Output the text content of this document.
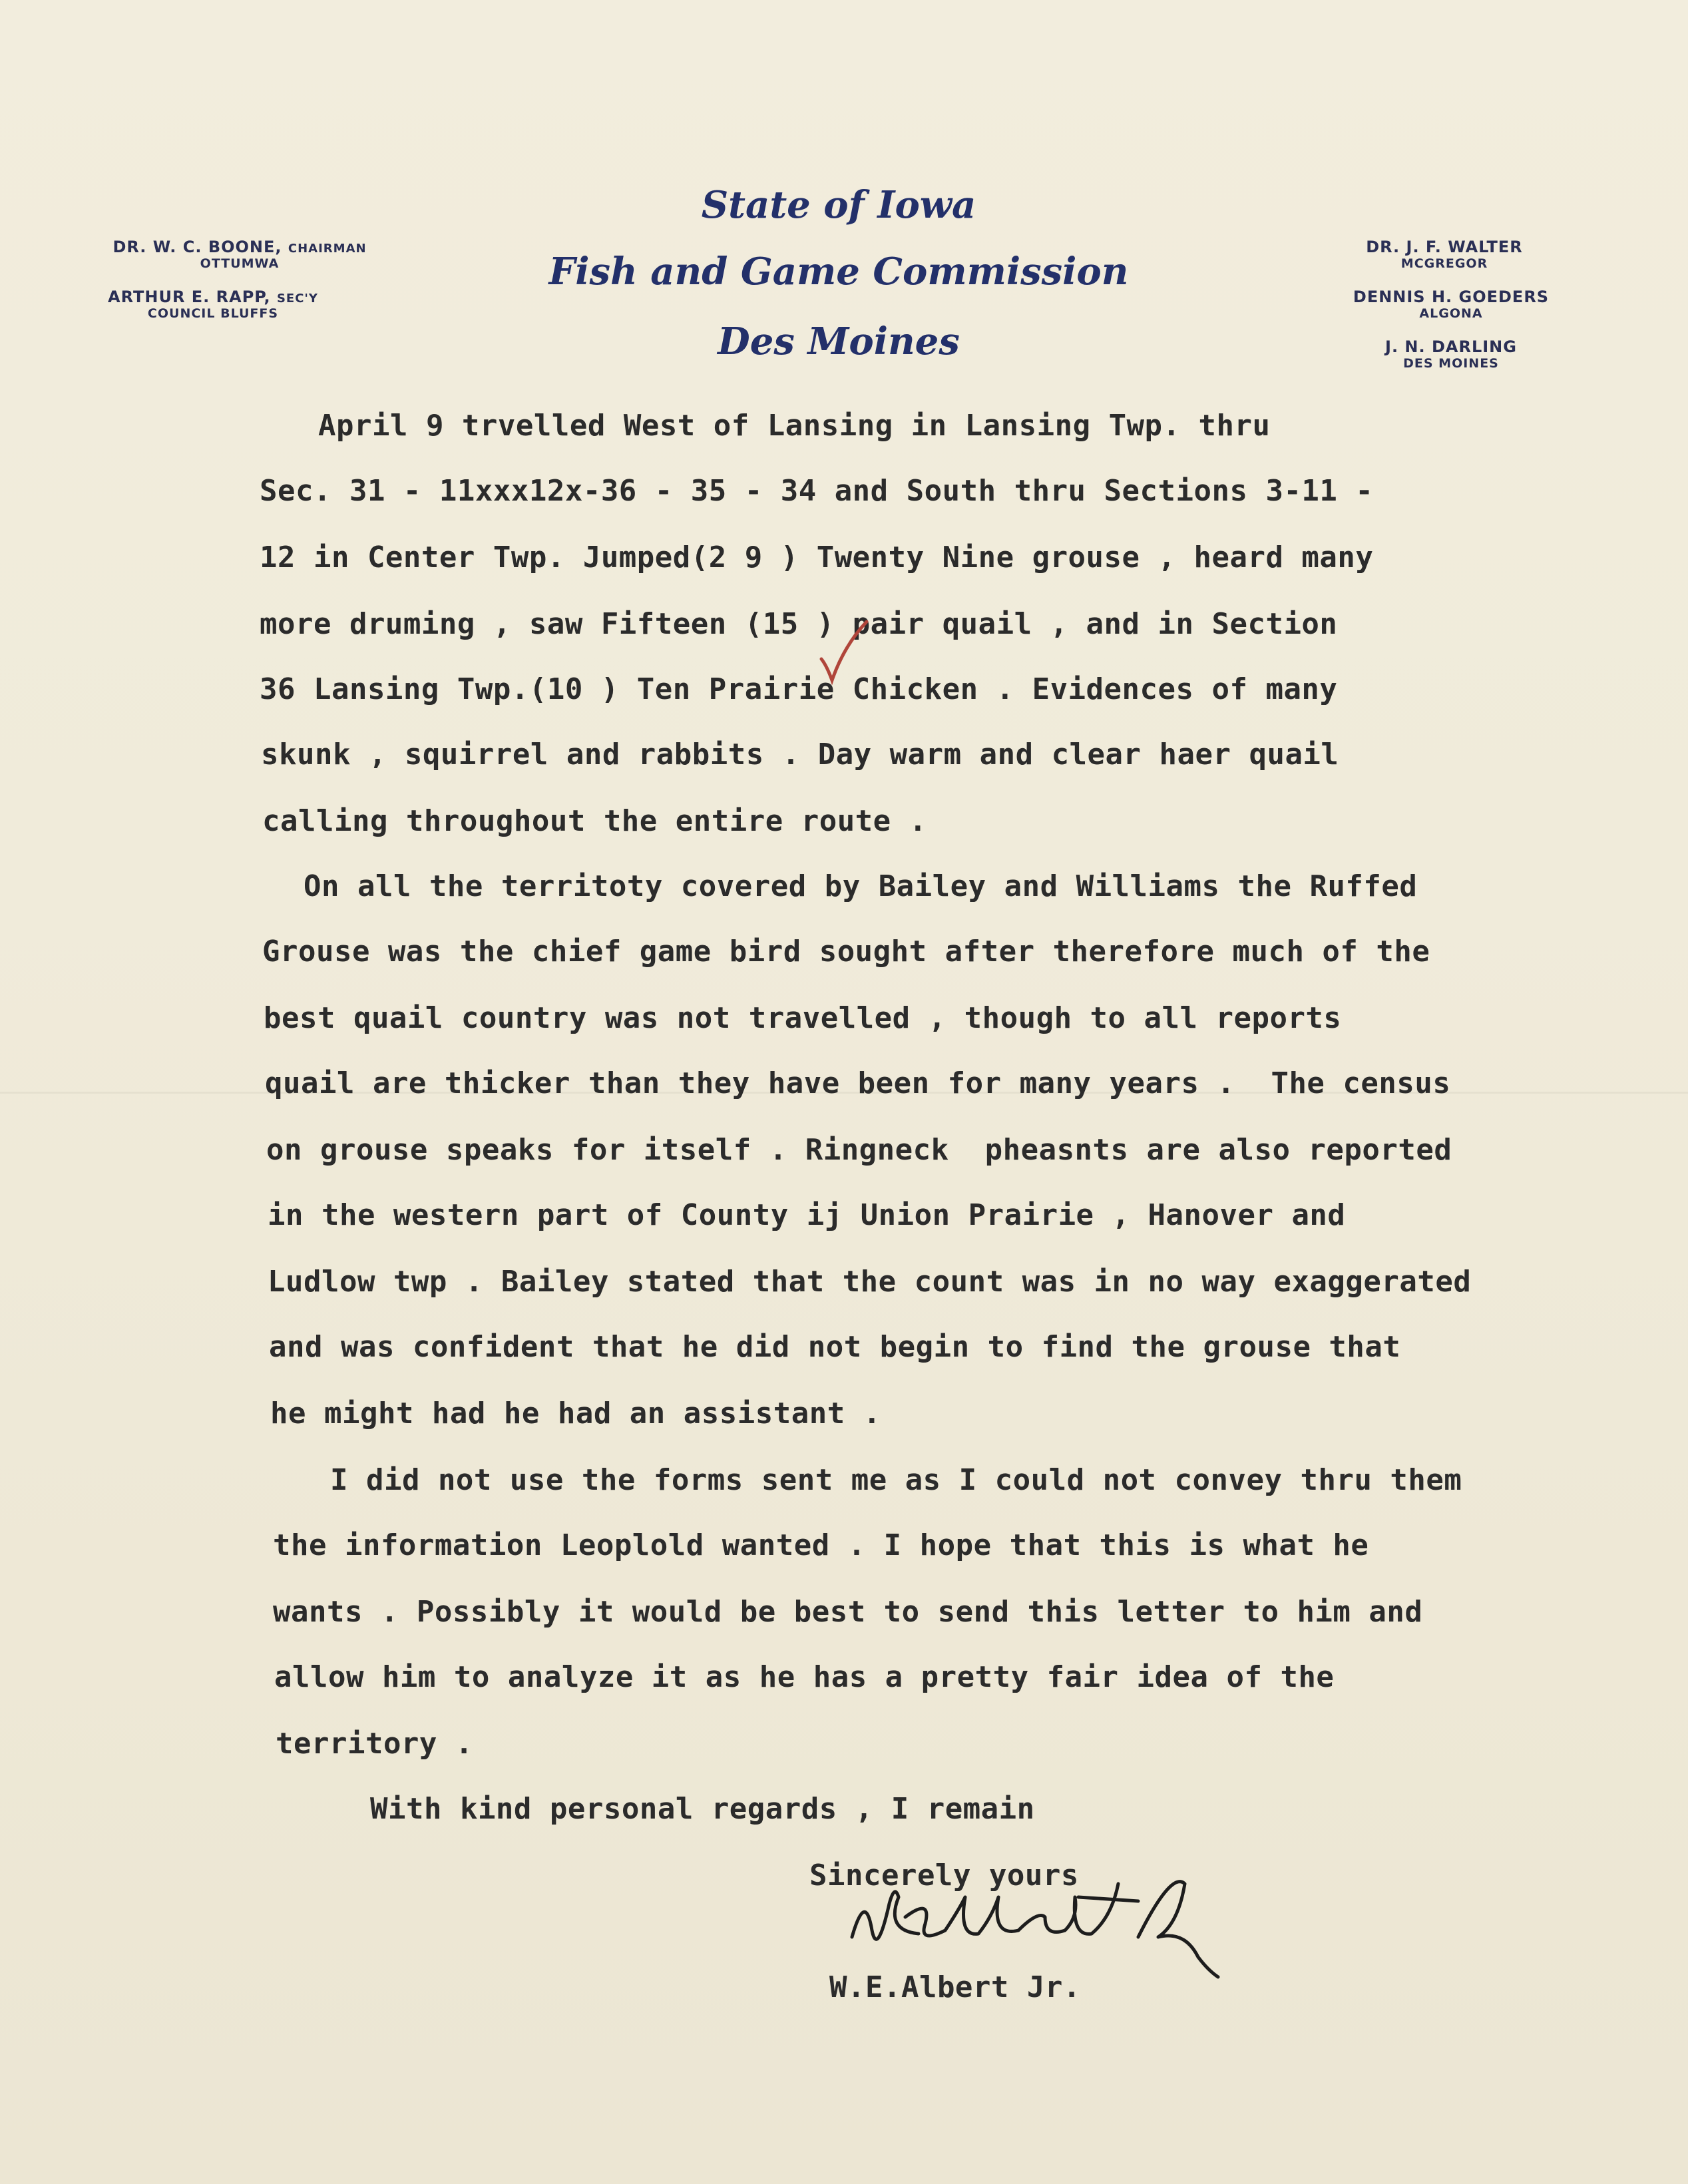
State of Iowa
Fish and Game Commission
Des Moines
DR. W. C. BOONE, CHAIRMAN
OTTUMWA
ARTHUR E. RAPP, SEC'Y
COUNCIL BLUFFS
DR. J. F. WALTER
MCGREGOR
DENNIS H. GOEDERS
ALGONA
J. N. DARLING
DES MOINES
April 9 trvelled West of Lansing in Lansing Twp. thru
Sec. 31 - 11xxx12x-36 - 35 - 34 and South thru Sections 3-11 -
12 in Center Twp. Jumped(2 9 ) Twenty Nine grouse , heard many
more druming , saw Fifteen (15 ) pair quail , and in Section
36 Lansing Twp.(10 ) Ten Prairie Chicken . Evidences of many
skunk , squirrel and rabbits . Day warm and clear haer quail
calling throughout the entire route .
On all the territoty covered by Bailey and Williams the Ruffed
Grouse was the chief game bird sought after therefore much of the
best quail country was not travelled , though to all reports
quail are thicker than they have been for many years .  The census
on grouse speaks for itself . Ringneck  pheasnts are also reported
in the western part of County ij Union Prairie , Hanover and
Ludlow twp . Bailey stated that the count was in no way exaggerated
and was confident that he did not begin to find the grouse that
he might had he had an assistant .
I did not use the forms sent me as I could not convey thru them
the information Leoplold wanted . I hope that this is what he
wants . Possibly it would be best to send this letter to him and
allow him to analyze it as he has a pretty fair idea of the
territory .
With kind personal regards , I remain
Sincerely yours
W.E.Albert Jr.
